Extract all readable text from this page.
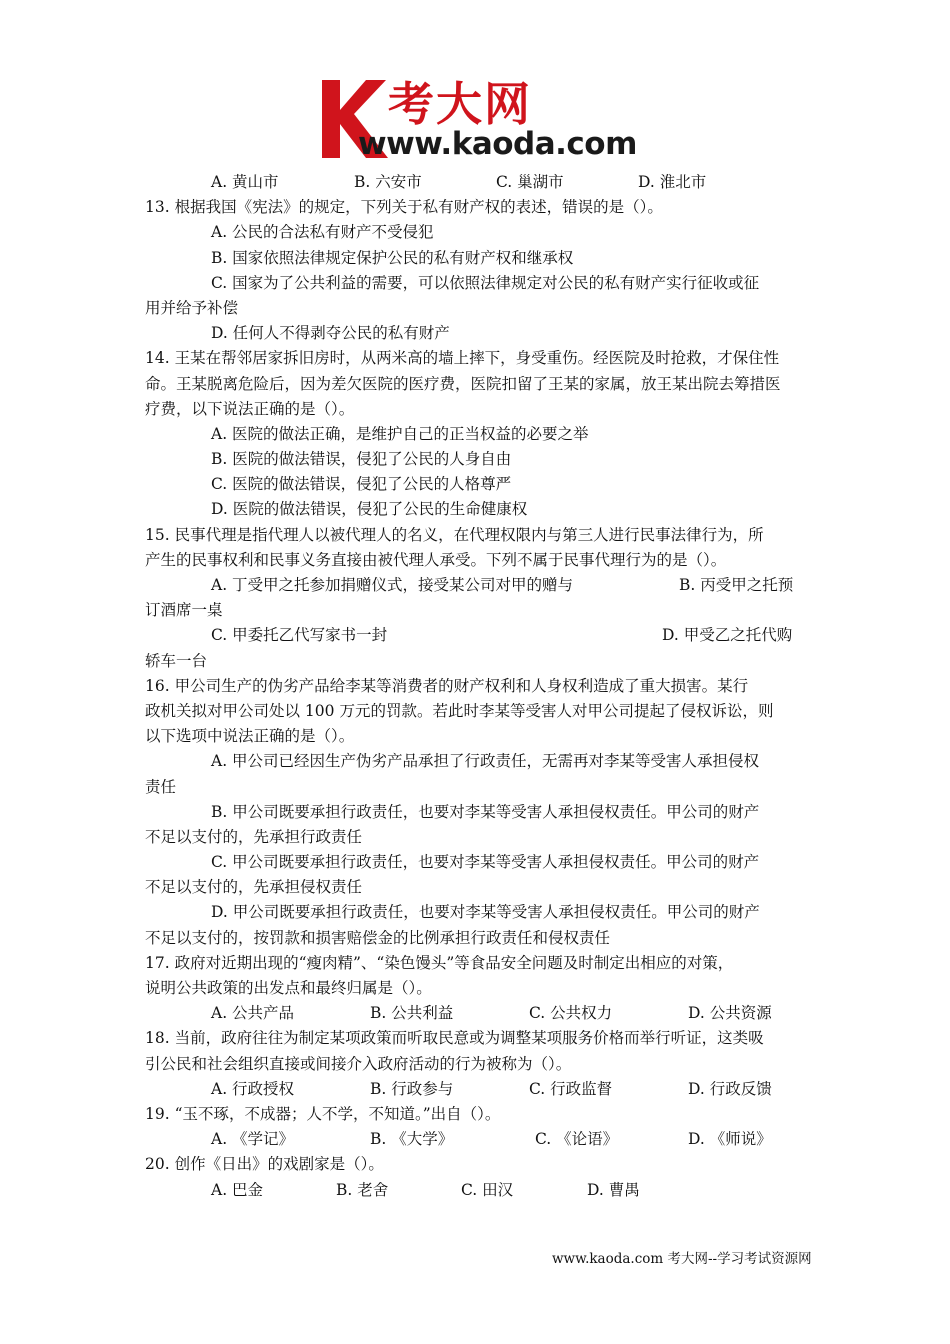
考大网
www.kaoda.com
A. 黄山市	B. 六安市	C. 巢湖市	D. 淮北市
13. 根据我国《宪法》的规定，下列关于私有财产权的表述，错误的是（）。
A. 公民的合法私有财产不受侵犯
B. 国家依照法律规定保护公民的私有财产权和继承权
C. 国家为了公共利益的需要，可以依照法律规定对公民的私有财产实行征收或征
用并给予补偿
D. 任何人不得剥夺公民的私有财产
14. 王某在帮邻居家拆旧房时，从两米高的墙上摔下，身受重伤。经医院及时抢救，才保住性
命。王某脱离危险后，因为差欠医院的医疗费，医院扣留了王某的家属，放王某出院去筹措医
疗费，以下说法正确的是（）。
A. 医院的做法正确，是维护自己的正当权益的必要之举
B. 医院的做法错误，侵犯了公民的人身自由
C. 医院的做法错误，侵犯了公民的人格尊严
D. 医院的做法错误，侵犯了公民的生命健康权
15. 民事代理是指代理人以被代理人的名义，在代理权限内与第三人进行民事法律行为，所
产生的民事权利和民事义务直接由被代理人承受。下列不属于民事代理行为的是（）。
A. 丁受甲之托参加捐赠仪式，接受某公司对甲的赠与	B. 丙受甲之托预
订酒席一桌
C. 甲委托乙代写家书一封	D. 甲受乙之托代购
轿车一台
16. 甲公司生产的伪劣产品给李某等消费者的财产权利和人身权利造成了重大损害。某行
政机关拟对甲公司处以 100 万元的罚款。若此时李某等受害人对甲公司提起了侵权诉讼，则
以下选项中说法正确的是（）。
A. 甲公司已经因生产伪劣产品承担了行政责任，无需再对李某等受害人承担侵权
责任
B. 甲公司既要承担行政责任，也要对李某等受害人承担侵权责任。甲公司的财产
不足以支付的，先承担行政责任
C. 甲公司既要承担行政责任，也要对李某等受害人承担侵权责任。甲公司的财产
不足以支付的，先承担侵权责任
D. 甲公司既要承担行政责任，也要对李某等受害人承担侵权责任。甲公司的财产
不足以支付的，按罚款和损害赔偿金的比例承担行政责任和侵权责任
17. 政府对近期出现的“瘦肉精”、“染色馒头”等食品安全问题及时制定出相应的对策，
说明公共政策的出发点和最终归属是（）。
A. 公共产品	B. 公共利益	C. 公共权力	D. 公共资源
18. 当前，政府往往为制定某项政策而听取民意或为调整某项服务价格而举行听证，这类吸
引公民和社会组织直接或间接介入政府活动的行为被称为（）。
A. 行政授权	B. 行政参与	C. 行政监督	D. 行政反馈
19. “玉不琢，不成器；人不学，不知道。”出自（）。
A. 《学记》	B. 《大学》	C. 《论语》	D. 《师说》
20. 创作《日出》的戏剧家是（）。
A. 巴金	B. 老舍	C. 田汉	D. 曹禺
www.kaoda.com 考大网--学习考试资源网
